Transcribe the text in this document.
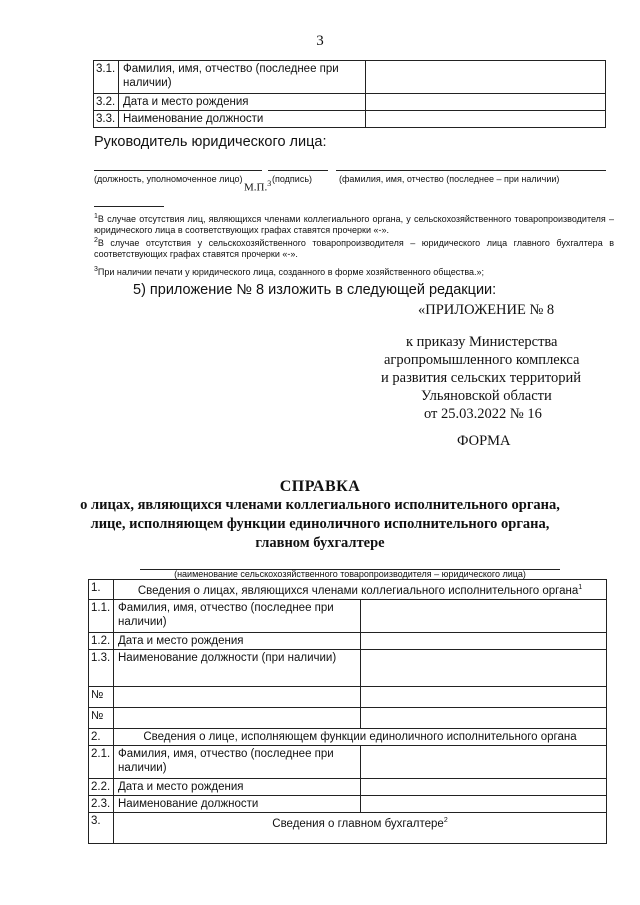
3
3.1.	Фамилия, имя, отчество (последнее при наличии)	
3.2.	Дата и место рождения	
3.3.	Наименование должности	
Руководитель юридического лица:
(должность, уполномоченное лицо)	(подпись)	(фамилия, имя, отчество (последнее – при наличии)
М.П.$^3$
$^1$В случае отсутствия лиц, являющихся членами коллегиального органа, у сельскохозяйственного товаропроизводителя – юридического лица в соответствующих графах ставятся прочерки «-».
$^2$В случае отсутствия у сельскохозяйственного товаропроизводителя – юридического лица главного бухгалтера в соответствующих графах ставятся прочерки «-».
$^3$При наличии печати у юридического лица, созданного в форме хозяйственного общества.»;
5) приложение № 8 изложить в следующей редакции:
«ПРИЛОЖЕНИЕ № 8
к приказу Министерства
агропромышленного комплекса
и развития сельских территорий
Ульяновской области
от 25.03.2022 № 16
ФОРМА
СПРАВКА
о лицах, являющихся членами коллегиального исполнительного органа,
лице, исполняющем функции единоличного исполнительного органа,
главном бухгалтере
(наименование сельскохозяйственного товаропроизводителя – юридического лица)
1.	Сведения о лицах, являющихся членами коллегиального исполнительного органа$^1$
1.1.	Фамилия, имя, отчество (последнее при наличии)	
1.2.	Дата и место рождения	
1.3.	Наименование должности (при наличии)	
№		
№		
2.	Сведения о лице, исполняющем функции единоличного исполнительного органа	
2.1.	Фамилия, имя, отчество (последнее при наличии)	
2.2.	Дата и место рождения	
2.3.	Наименование должности	
3.	Сведения о главном бухгалтере$^2$
